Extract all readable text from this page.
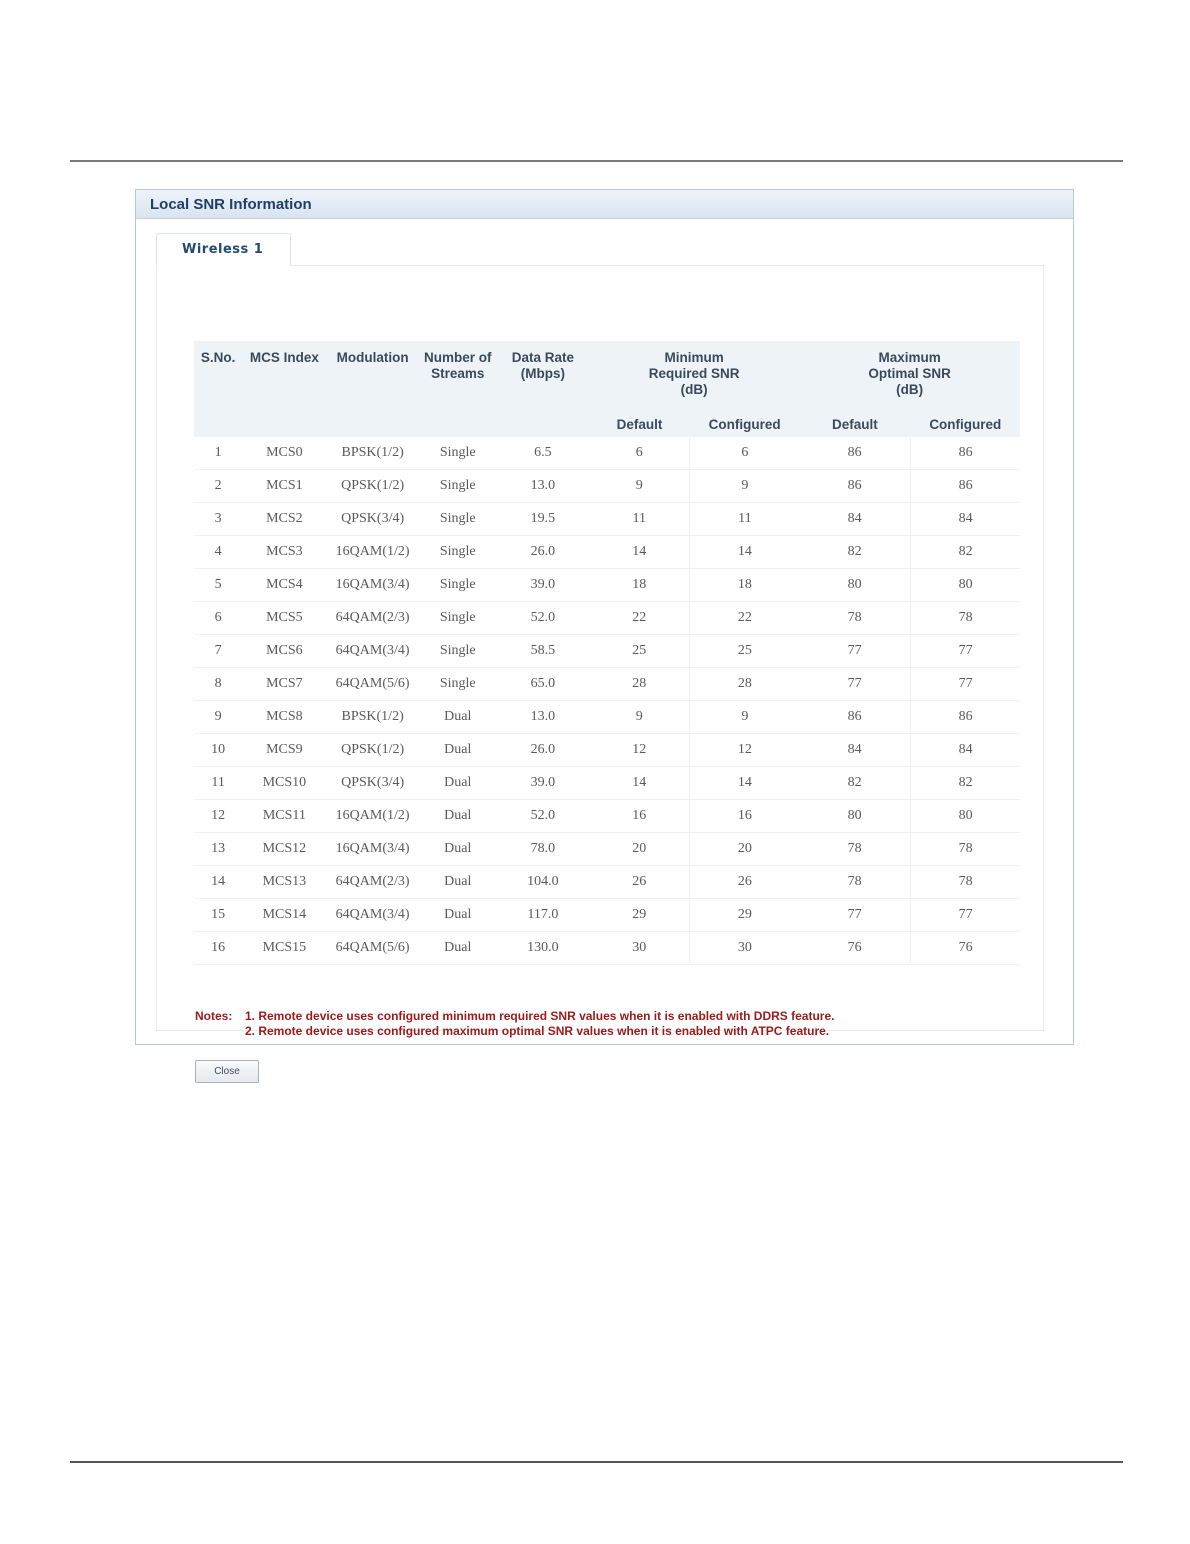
Local SNR Information
S.No.	MCS Index	Modulation	Number of Streams	Data Rate (Mbps)	Minimum Required SNR (dB)		Maximum Optimal SNR (dB)	
					Default	Configured	Default	Configured
1	MCS0	BPSK(1/2)	Single	6.5	6	6	86	86
2	MCS1	QPSK(1/2)	Single	13.0	9	9	86	86
3	MCS2	QPSK(3/4)	Single	19.5	11	11	84	84
4	MCS3	16QAM(1/2)	Single	26.0	14	14	82	82
5	MCS4	16QAM(3/4)	Single	39.0	18	18	80	80
6	MCS5	64QAM(2/3)	Single	52.0	22	22	78	78
7	MCS6	64QAM(3/4)	Single	58.5	25	25	77	77
8	MCS7	64QAM(5/6)	Single	65.0	28	28	77	77
9	MCS8	BPSK(1/2)	Dual	13.0	9	9	86	86
10	MCS9	QPSK(1/2)	Dual	26.0	12	12	84	84
11	MCS10	QPSK(3/4)	Dual	39.0	14	14	82	82
12	MCS11	16QAM(1/2)	Dual	52.0	16	16	80	80
13	MCS12	16QAM(3/4)	Dual	78.0	20	20	78	78
14	MCS13	64QAM(2/3)	Dual	104.0	26	26	78	78
15	MCS14	64QAM(3/4)	Dual	117.0	29	29	77	77
16	MCS15	64QAM(5/6)	Dual	130.0	30	30	76	76
Notes: 1. Remote device uses configured minimum required SNR values when it is enabled with DDRS feature.
2. Remote device uses configured maximum optimal SNR values when it is enabled with ATPC feature.
Close
Wireless 1
